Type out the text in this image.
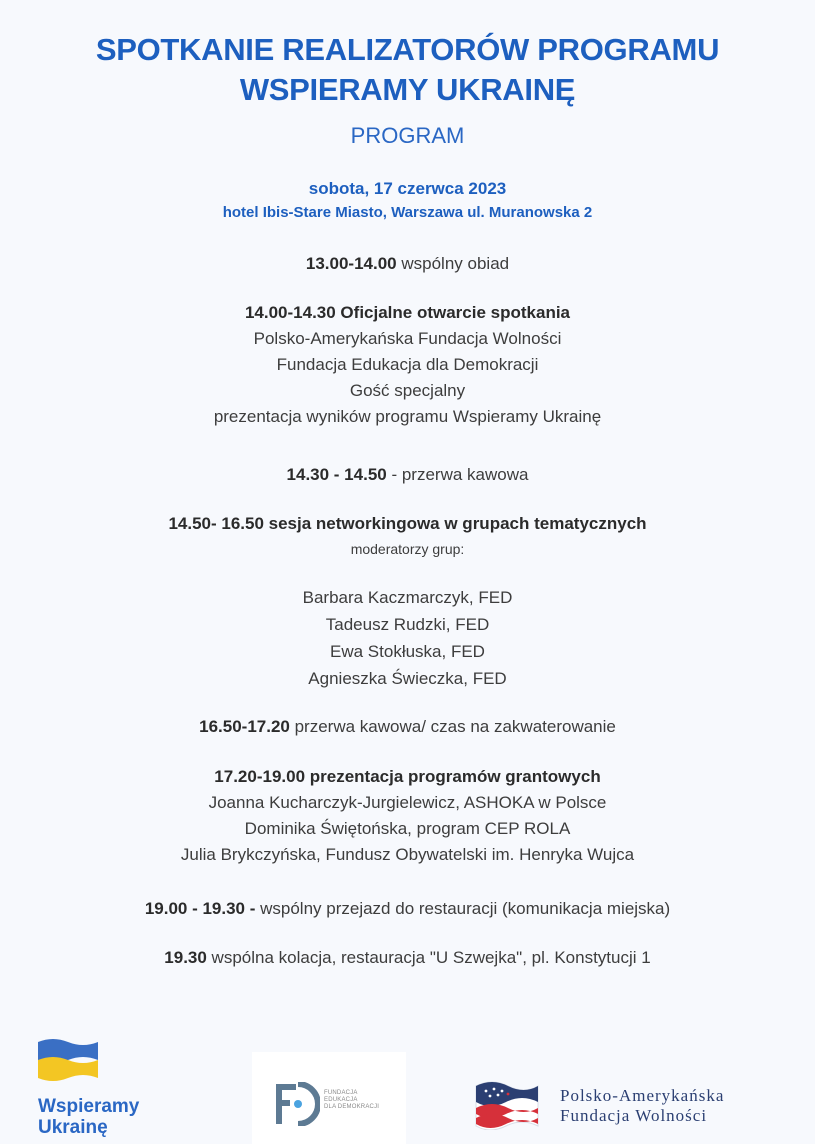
SPOTKANIE REALIZATORÓW PROGRAMU
WSPIERAMY UKRAINĘ
PROGRAM
sobota, 17 czerwca 2023
hotel Ibis-Stare Miasto, Warszawa ul. Muranowska 2
13.00-14.00 wspólny obiad
14.00-14.30 Oficjalne otwarcie spotkania
Polsko-Amerykańska Fundacja Wolności
Fundacja Edukacja dla Demokracji
Gość specjalny
prezentacja wyników programu Wspieramy Ukrainę
14.30 - 14.50 - przerwa kawowa
14.50- 16.50 sesja networkingowa w grupach tematycznych
moderatorzy grup:
Barbara Kaczmarczyk, FED
Tadeusz Rudzki, FED
Ewa Stokłuska, FED
Agnieszka Świeczka, FED
16.50-17.20 przerwa kawowa/ czas na zakwaterowanie
17.20-19.00 prezentacja programów grantowych
Joanna Kucharczyk-Jurgielewicz, ASHOKA w Polsce
Dominika Świętońska, program CEP ROLA
Julia Brykczyńska, Fundusz Obywatelski im. Henryka Wujca
19.00 - 19.30 - wspólny przejazd do restauracji (komunikacja miejska)
19.30 wspólna kolacja, restauracja "U Szwejka", pl. Konstytucji 1
Wspieramy
Ukrainę
FUNDACJA
EDUKACJA
DLA DEMOKRACJI
Polsko-Amerykańska
Fundacja Wolności
